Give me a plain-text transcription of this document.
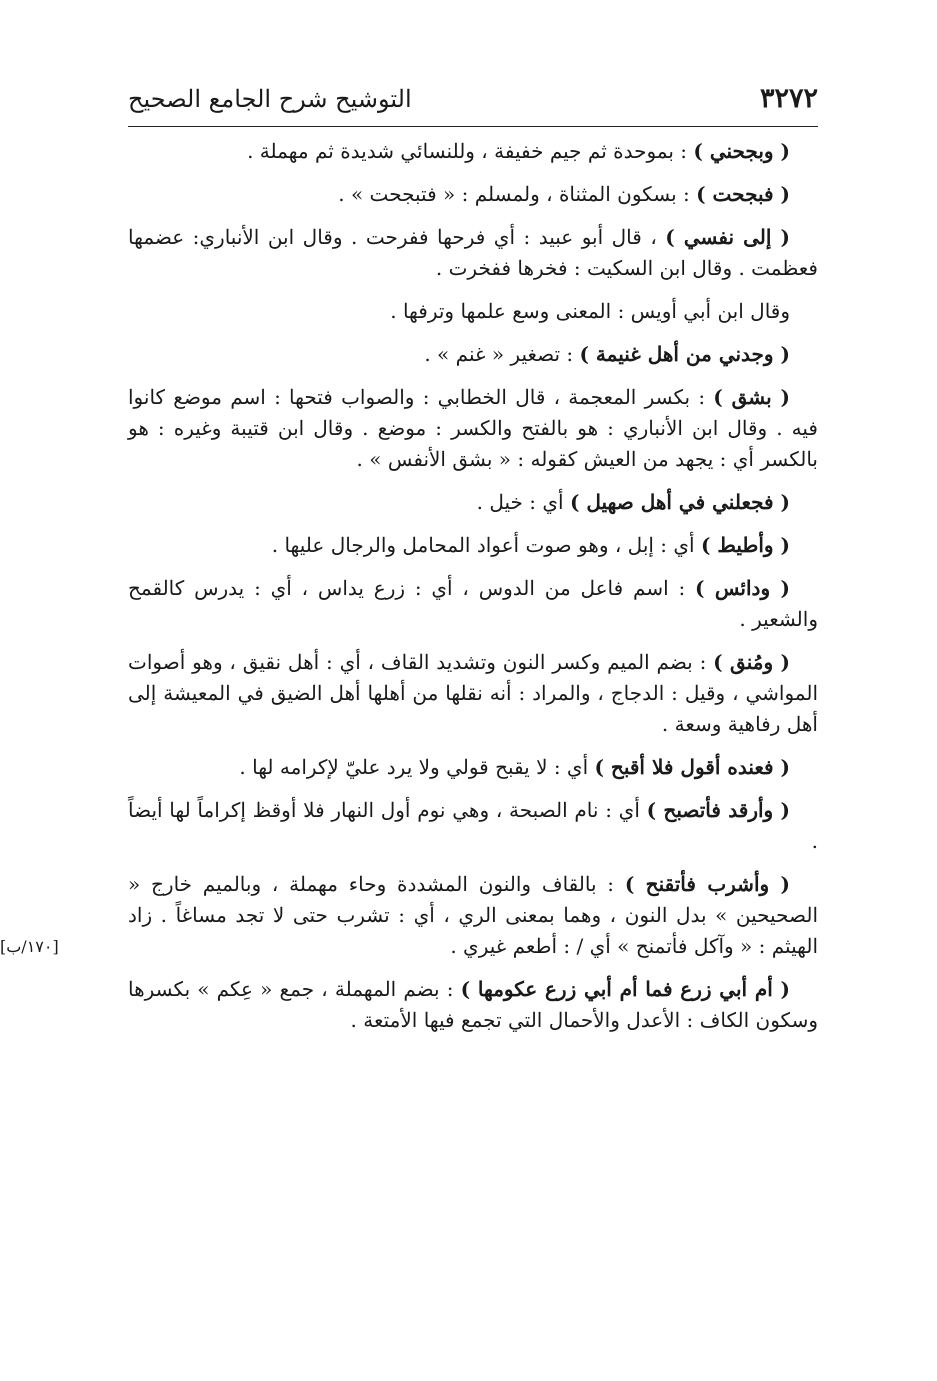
٣٢٧٢
التوشيح شرح الجامع الصحيح

( وبجحني ) : بموحدة ثم جيم خفيفة ، وللنسائي شديدة ثم مهملة .

( فبجحت ) : بسكون المثناة ، ولمسلم : « فتبجحت » .

( إلى نفسي ) ، قال أبو عبيد : أي فرحها ففرحت . وقال ابن الأنباري: عضمها فعظمت . وقال ابن السكيت : فخرها ففخرت .

وقال ابن أبي أويس : المعنى وسع علمها وترفها .

( وجدني من أهل غنيمة ) : تصغير « غنم » .

( بشق ) : بكسر المعجمة ، قال الخطابي : والصواب فتحها : اسم موضع كانوا فيه . وقال ابن الأنباري : هو بالفتح والكسر : موضع . وقال ابن قتيبة وغيره : هو بالكسر أي : يجهد من العيش كقوله : « بشق الأنفس » .

( فجعلني في أهل صهيل ) أي : خيل .

( وأطيط ) أي : إبل ، وهو صوت أعواد المحامل والرجال عليها .

( ودائس ) : اسم فاعل من الدوس ، أي : زرع يداس ، أي : يدرس كالقمح والشعير .

( ومُنق ) : بضم الميم وكسر النون وتشديد القاف ، أي : أهل نقيق ، وهو أصوات المواشي ، وقيل : الدجاج ، والمراد : أنه نقلها من أهلها أهل الضيق في المعيشة إلى أهل رفاهية وسعة .

( فعنده أقول فلا أقبح ) أي : لا يقبح قولي ولا يرد عليّ لإكرامه لها .

( وأرقد فأتصبح ) أي : نام الصبحة ، وهي نوم أول النهار فلا أوقظ إكراماً لها أيضاً .

( وأشرب فأتقنح ) : بالقاف والنون المشددة وحاء مهملة ، وبالميم خارج « الصحيحين » بدل النون ، وهما بمعنى الري ، أي : تشرب حتى لا تجد مساغاً . زاد الهيثم : « وآكل فأتمنح » أي / : أطعم غيري .

( أم أبي زرع فما أم أبي زرع عكومها ) : بضم المهملة ، جمع « عِكم » بكسرها وسكون الكاف : الأعدل والأحمال التي تجمع فيها الأمتعة .

[١٧٠/ب]
